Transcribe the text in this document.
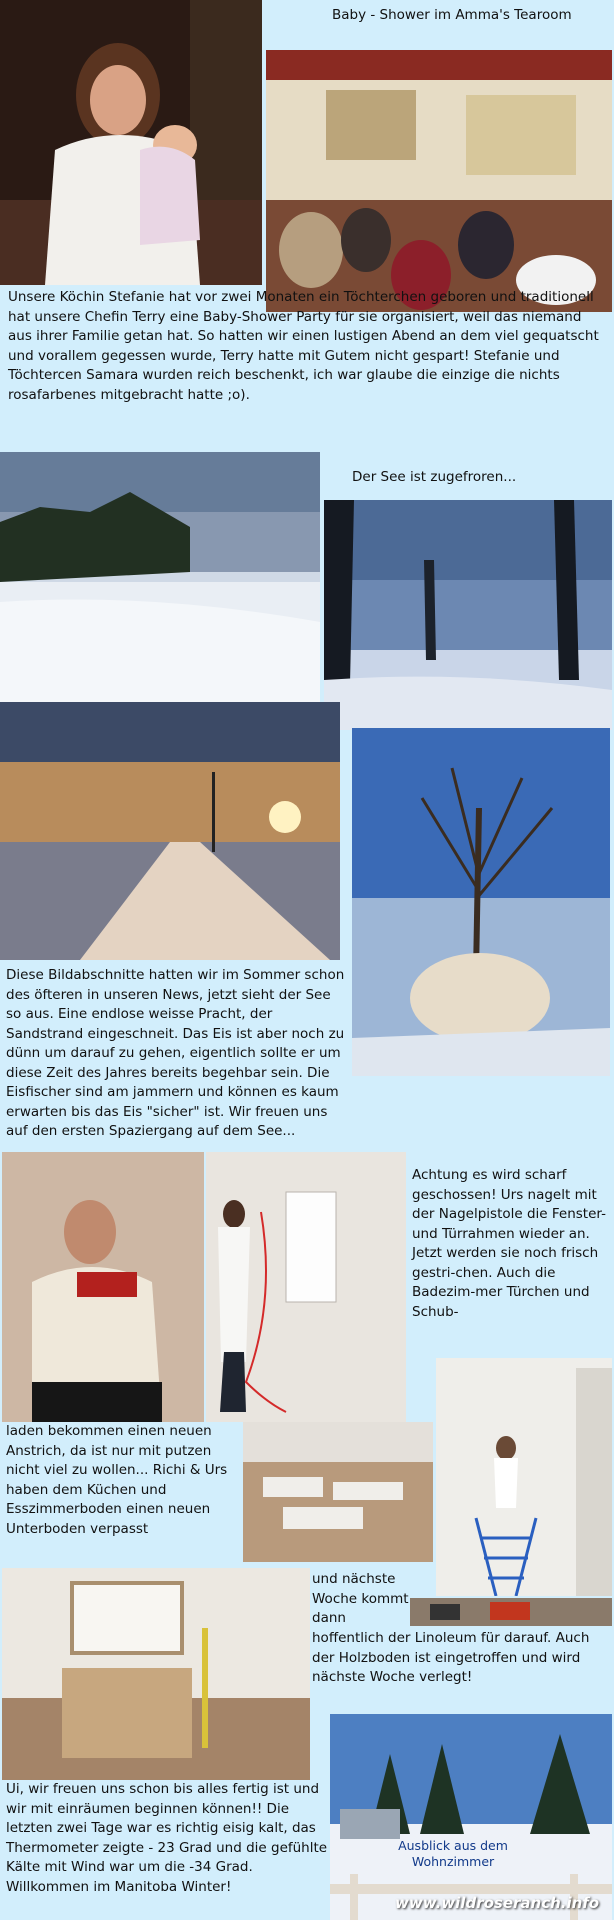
Baby - Shower im Amma's Tearoom
Unsere Köchin Stefanie hat vor zwei Monaten ein Töchterchen geboren und traditionell hat unsere Chefin Terry eine Baby-Shower Party für sie organisiert, weil das niemand aus ihrer Familie getan hat. So hatten wir einen lustigen Abend an dem viel gequatscht und vorallem gegessen wurde, Terry hatte mit Gutem nicht gespart! Stefanie und Töchtercen Samara wurden reich beschenkt, ich war glaube die einzige die nichts rosafarbenes mitgebracht hatte ;o).
Der See ist zugefroren...
Diese Bildabschnitte hatten wir im Sommer schon des öfteren in unseren News, jetzt sieht der See so aus. Eine endlose weisse Pracht, der Sandstrand eingeschneit. Das Eis ist aber noch zu dünn um darauf zu gehen, eigentlich sollte er um diese Zeit des Jahres bereits begehbar sein. Die Eisfischer sind am jammern und können es kaum erwarten bis das Eis "sicher" ist. Wir freuen uns auf den ersten Spaziergang auf dem See...
Achtung es wird scharf geschossen! Urs nagelt mit der Nagelpistole die Fenster-und Türrahmen wieder an. Jetzt werden sie noch frisch gestri-chen. Auch die Badezim-mer Türchen und Schub-
laden bekommen einen neuen Anstrich, da ist nur mit putzen nicht viel zu wollen... Richi & Urs haben dem Küchen und Esszimmerboden einen neuen Unterboden verpasst
und nächste Woche kommt dann
hoffentlich der Linoleum für darauf. Auch der Holzboden ist eingetroffen und wird nächste Woche verlegt!
Ui, wir freuen uns schon bis alles fertig ist und wir mit einräumen beginnen können!! Die letzten zwei Tage war es richtig eisig kalt, das Thermometer zeigte - 23 Grad und die gefühlte Kälte mit Wind war um die -34 Grad. Willkommen im Manitoba Winter!
Ausblick aus dem Wohnzimmer
www.wildroseranch.info
